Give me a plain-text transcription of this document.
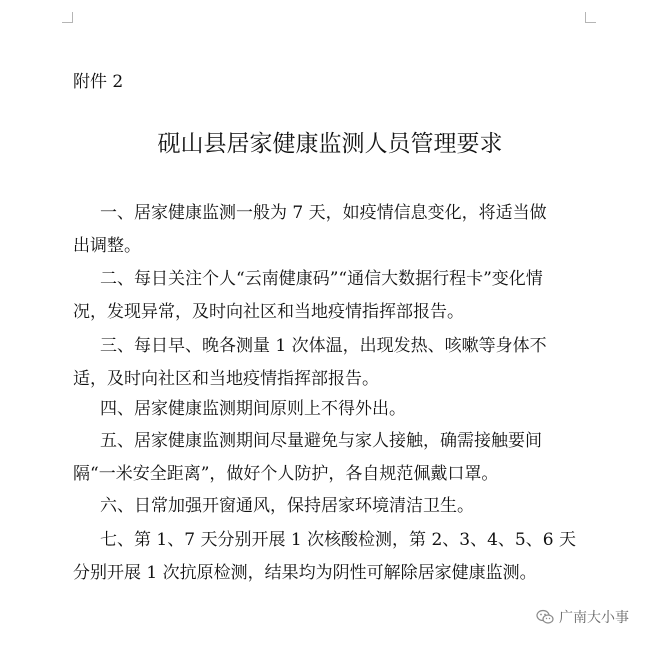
附件 2
砚山县居家健康监测人员管理要求
一、居家健康监测一般为 7 天，如疫情信息变化，将适当做
出调整。
二、每日关注个人“云南健康码”“通信大数据行程卡”变化情
况，发现异常，及时向社区和当地疫情指挥部报告。
三、每日早、晚各测量 1 次体温，出现发热、咳嗽等身体不
适，及时向社区和当地疫情指挥部报告。
四、居家健康监测期间原则上不得外出。
五、居家健康监测期间尽量避免与家人接触，确需接触要间
隔“一米安全距离”，做好个人防护，各自规范佩戴口罩。
六、日常加强开窗通风，保持居家环境清洁卫生。
七、第 1、7 天分别开展 1 次核酸检测，第 2、3、4、5、6 天
分别开展 1 次抗原检测，结果均为阴性可解除居家健康监测。
广南大小事
